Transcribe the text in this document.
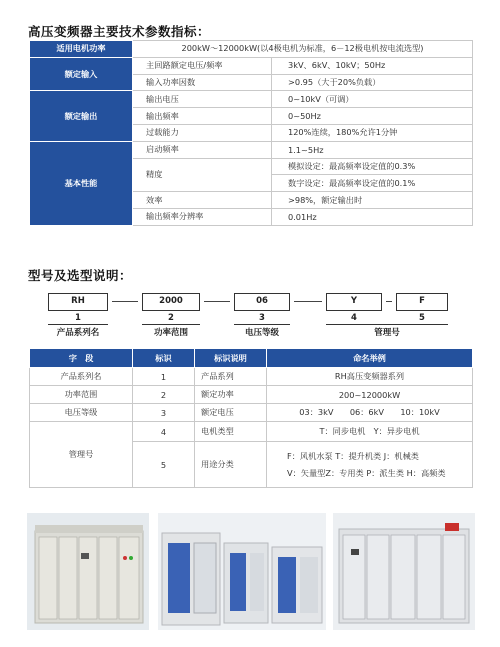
高压变频器主要技术参数指标：
适用电机功率	200kW～12000kW(以4极电机为标准，6－12极电机按电流选型)	
额定输入	主回路额定电压/频率	3kV、6kV、10kV；50Hz
	输入功率因数	>0.95（大于20%负载）
额定输出	输出电压	0~10kV（可调）
	输出频率	0~50Hz
	过载能力	120%连续，180%允许1分钟
基本性能	启动频率	1.1~5Hz
	精度	模拟设定：最高频率设定值的0.3%
		数字设定：最高频率设定值的0.1%
	效率	>98%，额定输出时
	输出频率分辨率	0.01Hz
型号及选型说明：
RH	2000	06	Y	F
1	2	3	4	5
产品系列名	功率范围	电压等级	管理号
字　段	标识	标识说明	命名举例
产品系列名	1	产品系列	RH高压变频器系列
功率范围	2	额定功率	200~12000kW
电压等级	3	额定电压	03：3kV　　06：6kV　　10：10kV
管理号	4	电机类型	T：同步电机　Y：异步电机
	5	用途分类	F：风机水泵 T：提升机类 J：机械类
V：矢量型Z：专用类 P：派生类 H：高频类
